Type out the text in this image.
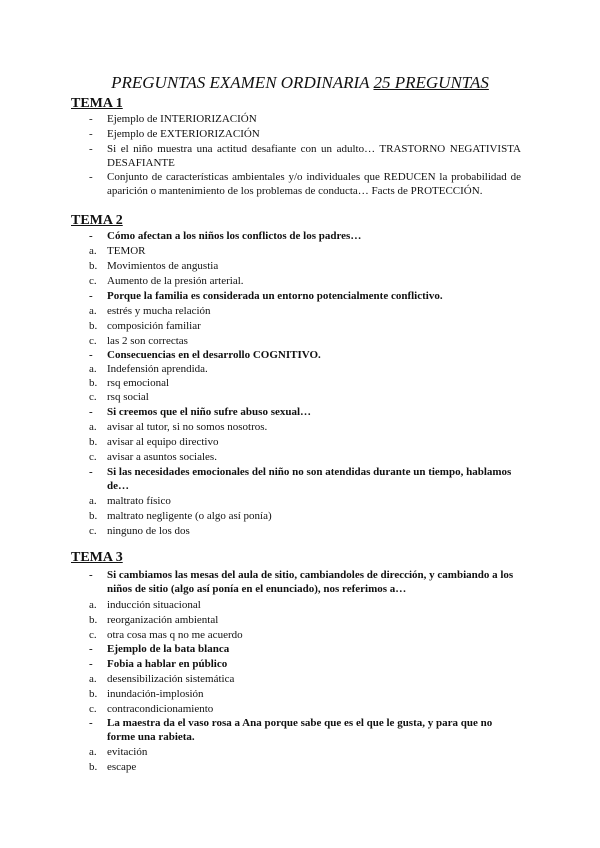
PREGUNTAS EXAMEN ORDINARIA 25 PREGUNTAS
TEMA 1
- Ejemplo de INTERIORIZACIÓN
- Ejemplo de EXTERIORIZACIÓN
- Si el niño muestra una actitud desafiante con un adulto… TRASTORNO NEGATIVISTA DESAFIANTE
- Conjunto de características ambientales y/o individuales que REDUCEN la probabilidad de aparición o mantenimiento de los problemas de conducta… Facts de PROTECCIÓN.
TEMA 2
- Cómo afectan a los niños los conflictos de los padres…
a. TEMOR
b. Movimientos de angustia
c. Aumento de la presión arterial.
- Porque la familia es considerada un entorno potencialmente conflictivo.
a. estrés y mucha relación
b. composición familiar
c. las 2 son correctas
- Consecuencias en el desarrollo COGNITIVO.
a. Indefensión aprendida.
b. rsq emocional
c. rsq social
- Si creemos que el niño sufre abuso sexual…
a. avisar al tutor, si no somos nosotros.
b. avisar al equipo directivo
c. avisar a asuntos sociales.
- Si las necesidades emocionales del niño no son atendidas durante un tiempo, hablamos de…
a. maltrato físico
b. maltrato negligente (o algo así ponía)
c. ninguno de los dos
TEMA 3
- Si cambiamos las mesas del aula de sitio, cambiandoles de dirección, y cambiando a los niños de sitio (algo así ponía en el enunciado), nos referimos a…
a. inducción situacional
b. reorganización ambiental
c. otra cosa mas q no me acuerdo
- Ejemplo de la bata blanca
- Fobia a hablar en público
a. desensibilización sistemática
b. inundación-implosión
c. contracondicionamiento
- La maestra da el vaso rosa a Ana porque sabe que es el que le gusta, y para que no forme una rabieta.
a. evitación
b. escape
